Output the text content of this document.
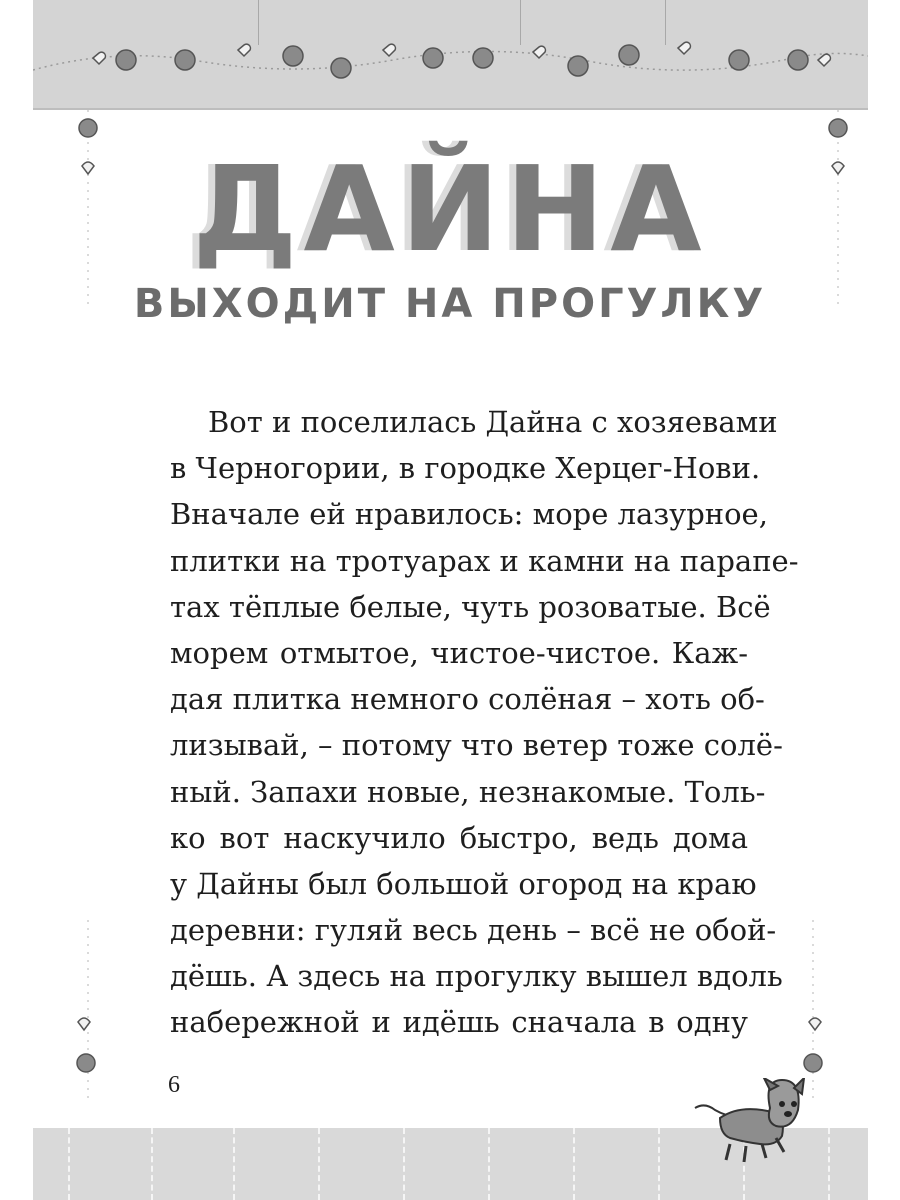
ДАЙНА
ВЫХОДИТ НА ПРОГУЛКУ
Вот и поселилась Дайна с хозяевами
в Черногории, в городке Херцег-Нови.
Вначале ей нравилось: море лазурное,
плитки на тротуарах и камни на парапе-
тах тёплые белые, чуть розоватые. Всё
морем отмытое, чистое-чистое. Каж-
дая плитка немного солёная – хоть об-
лизывай, – потому что ветер тоже солё-
ный. Запахи новые, незнакомые. Толь-
ко вот наскучило быстро, ведь дома
у Дайны был большой огород на краю
деревни: гуляй весь день – всё не обой-
дёшь. А здесь на прогулку вышел вдоль
набережной и идёшь сначала в одну
6
